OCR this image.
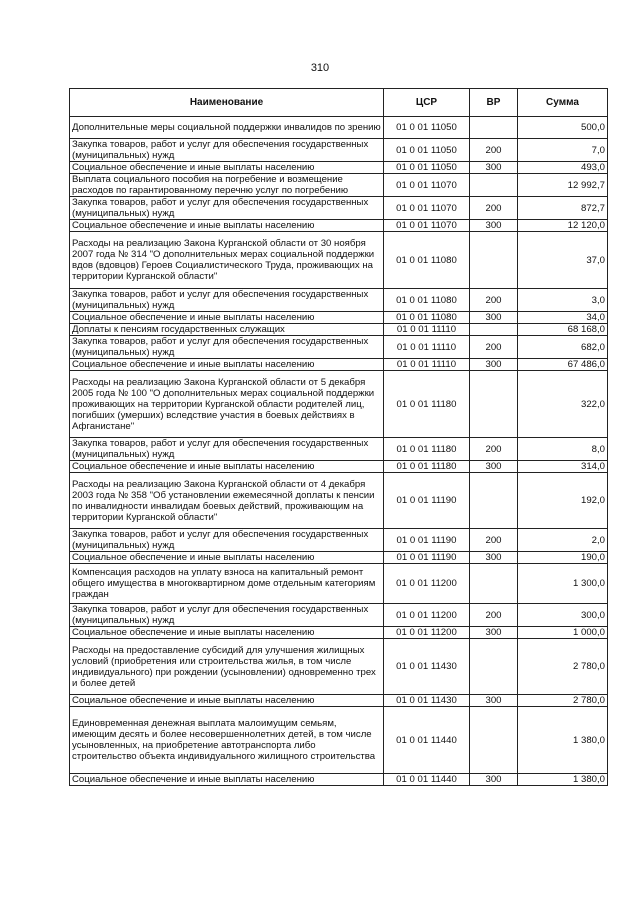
310
Наименование	ЦСР	ВР	Сумма
Дополнительные меры социальной поддержки инвалидов по зрению	01 0 01 11050		500,0
Закупка товаров, работ и услуг для обеспечения государственных (муниципальных) нужд	01 0 01 11050	200	7,0
Социальное обеспечение и иные выплаты населению	01 0 01 11050	300	493,0
Выплата социального пособия на погребение и возмещение расходов по гарантированному перечню услуг по погребению	01 0 01 11070		12 992,7
Закупка товаров, работ и услуг для обеспечения государственных (муниципальных) нужд	01 0 01 11070	200	872,7
Социальное обеспечение и иные выплаты населению	01 0 01 11070	300	12 120,0
Расходы на реализацию Закона Курганской области от 30 ноября 2007 года № 314 "О дополнительных мерах социальной поддержки вдов (вдовцов) Героев Социалистического Труда, проживающих на территории Курганской области"	01 0 01 11080		37,0
Закупка товаров, работ и услуг для обеспечения государственных (муниципальных) нужд	01 0 01 11080	200	3,0
Социальное обеспечение и иные выплаты населению	01 0 01 11080	300	34,0
Доплаты к пенсиям государственных служащих	01 0 01 11110		68 168,0
Закупка товаров, работ и услуг для обеспечения государственных (муниципальных) нужд	01 0 01 11110	200	682,0
Социальное обеспечение и иные выплаты населению	01 0 01 11110	300	67 486,0
Расходы на реализацию Закона Курганской области от 5 декабря 2005 года № 100 "О дополнительных мерах социальной поддержки проживающих на территории Курганской области родителей лиц, погибших (умерших) вследствие участия в боевых действиях в Афганистане"	01 0 01 11180		322,0
Закупка товаров, работ и услуг для обеспечения государственных (муниципальных) нужд	01 0 01 11180	200	8,0
Социальное обеспечение и иные выплаты населению	01 0 01 11180	300	314,0
Расходы на реализацию Закона Курганской области от 4 декабря 2003 года № 358 "Об установлении ежемесячной доплаты к пенсии по инвалидности инвалидам боевых действий, проживающим на территории Курганской области"	01 0 01 11190		192,0
Закупка товаров, работ и услуг для обеспечения государственных (муниципальных) нужд	01 0 01 11190	200	2,0
Социальное обеспечение и иные выплаты населению	01 0 01 11190	300	190,0
Компенсация расходов на уплату взноса на капитальный ремонт общего имущества в многоквартирном доме отдельным категориям граждан	01 0 01 11200		1 300,0
Закупка товаров, работ и услуг для обеспечения государственных (муниципальных) нужд	01 0 01 11200	200	300,0
Социальное обеспечение и иные выплаты населению	01 0 01 11200	300	1 000,0
Расходы на предоставление субсидий для улучшения жилищных условий (приобретения или строительства жилья, в том числе индивидуального) при рождении (усыновлении) одновременно трех и более детей	01 0 01 11430		2 780,0
Социальное обеспечение и иные выплаты населению	01 0 01 11430	300	2 780,0
Единовременная денежная выплата малоимущим семьям, имеющим десять и более несовершеннолетних детей, в том числе усыновленных, на приобретение автотранспорта либо строительство объекта индивидуального жилищного строительства	01 0 01 11440		1 380,0
Социальное обеспечение и иные выплаты населению	01 0 01 11440	300	1 380,0
